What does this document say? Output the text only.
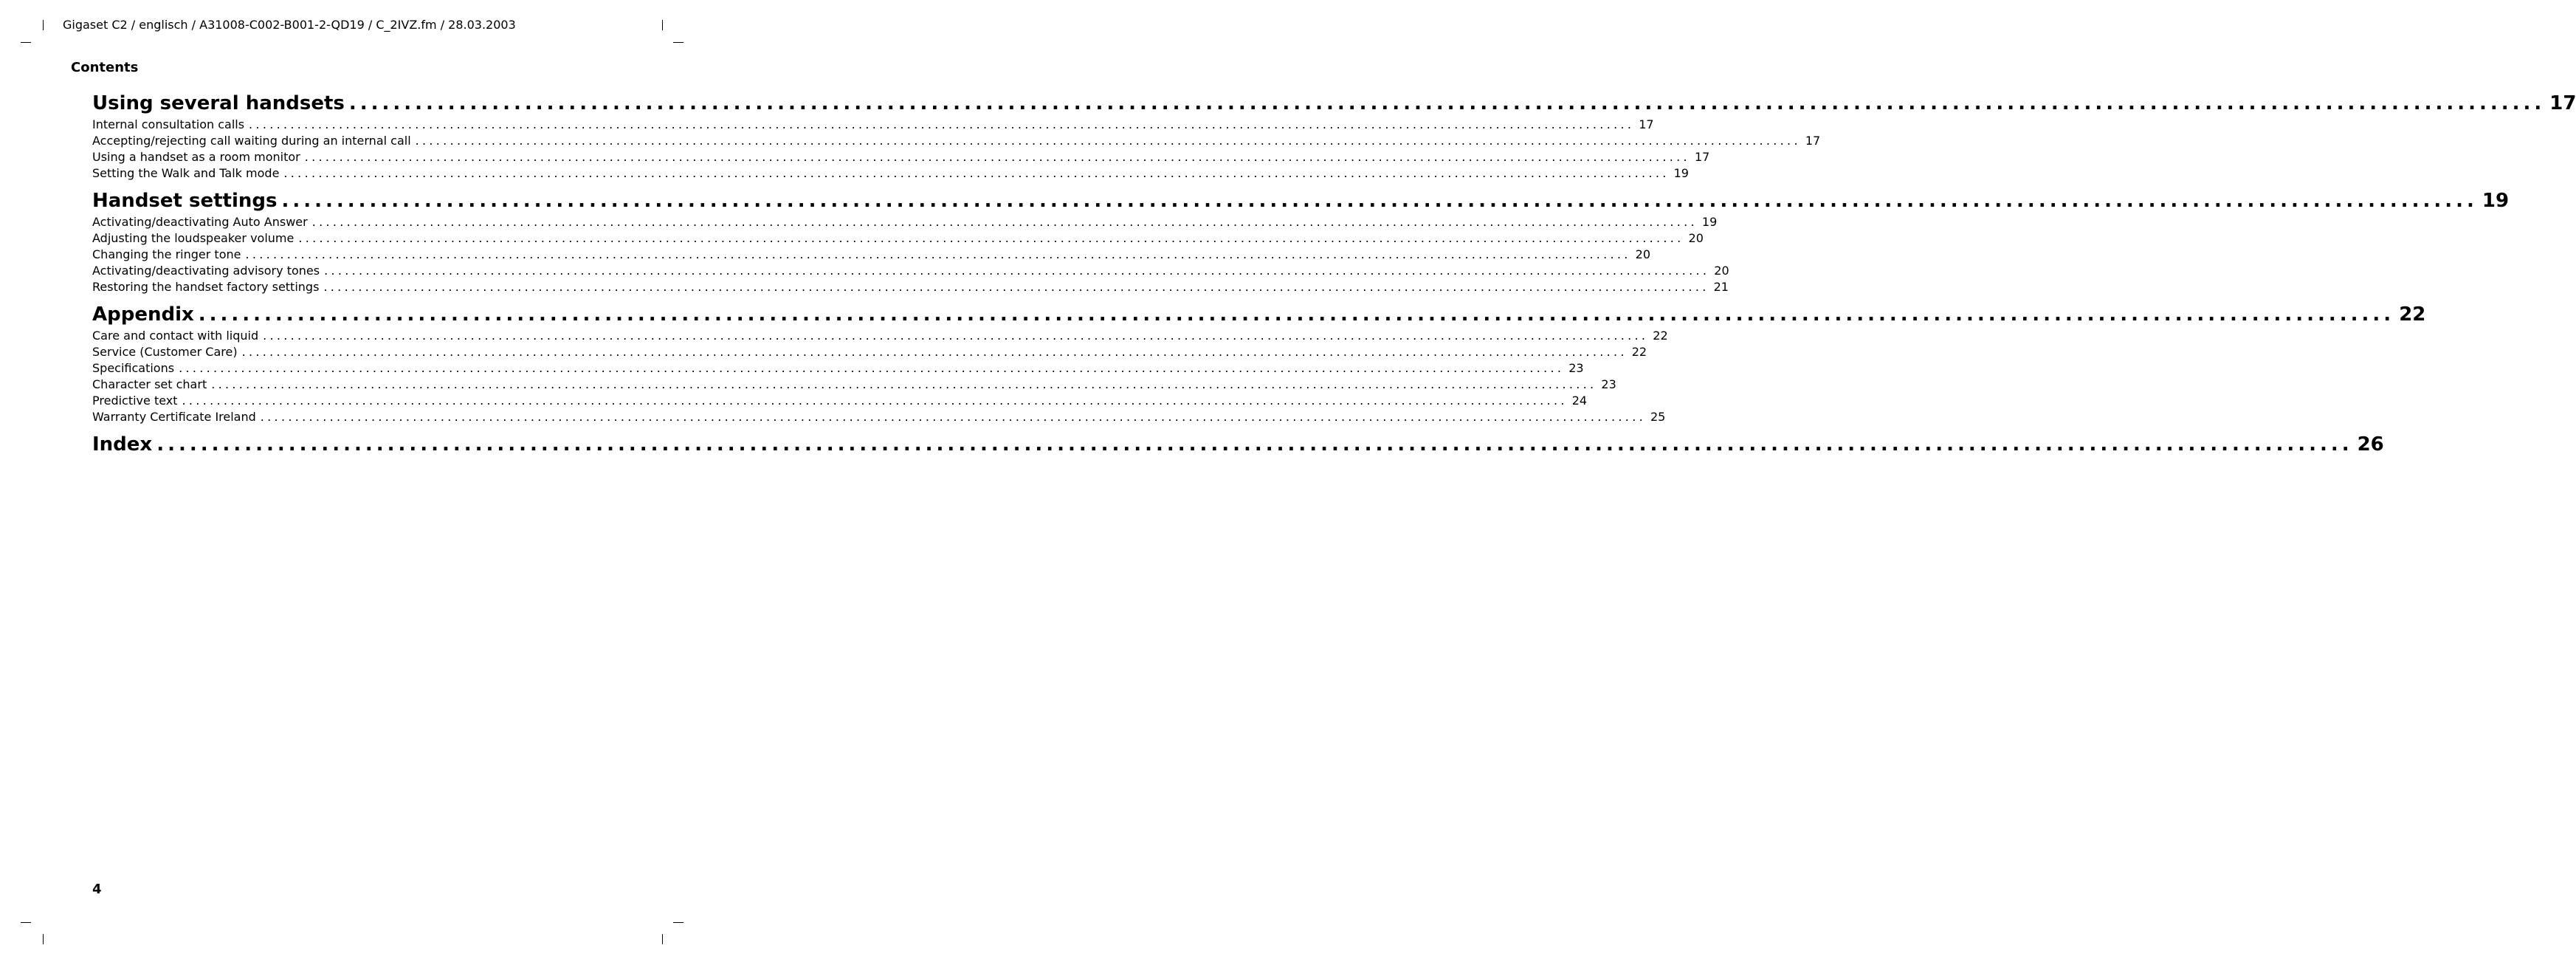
Gigaset C2 / englisch / A31008-C002-B001-2-QD19 / C_2IVZ.fm / 28.03.2003
Contents
Using several handsets ........................................................................................................................................................................................................ 17
Internal consultation calls ........................................................................................................................................................................................................ 17
Accepting/rejecting call waiting during an internal call ........................................................................................................................................................................................................ 17
Using a handset as a room monitor ........................................................................................................................................................................................................ 17
Setting the Walk and Talk mode ........................................................................................................................................................................................................ 19
Handset settings ........................................................................................................................................................................................................ 19
Activating/deactivating Auto Answer ........................................................................................................................................................................................................ 19
Adjusting the loudspeaker volume ........................................................................................................................................................................................................ 20
Changing the ringer tone ........................................................................................................................................................................................................ 20
Activating/deactivating advisory tones ........................................................................................................................................................................................................ 20
Restoring the handset factory settings ........................................................................................................................................................................................................ 21
Appendix ........................................................................................................................................................................................................ 22
Care and contact with liquid ........................................................................................................................................................................................................ 22
Service (Customer Care) ........................................................................................................................................................................................................ 22
Specifications ........................................................................................................................................................................................................ 23
Character set chart ........................................................................................................................................................................................................ 23
Predictive text ........................................................................................................................................................................................................ 24
Warranty Certificate Ireland ........................................................................................................................................................................................................ 25
Index ........................................................................................................................................................................................................ 26
4
